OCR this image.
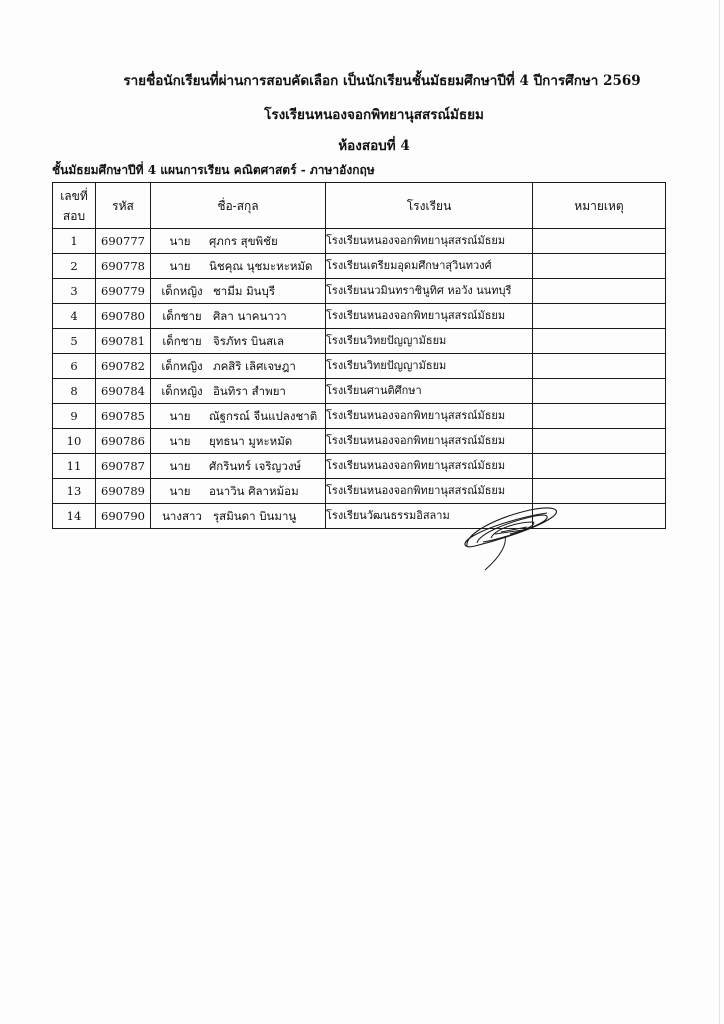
รายชื่อนักเรียนที่ผ่านการสอบคัดเลือก เป็นนักเรียนชั้นมัธยมศึกษาปีที่ 4 ปีการศึกษา 2569
โรงเรียนหนองจอกพิทยานุสสรณ์มัธยม
ห้องสอบที่ 4
ชั้นมัธยมศึกษาปีที่ 4 แผนการเรียน คณิตศาสตร์ - ภาษาอังกฤษ
เลขที่
สอบ	รหัส	ชื่อ-สกุล	โรงเรียน	หมายเหตุ
1	690777	นาย ศุภกร สุขพิชัย	โรงเรียนหนองจอกพิทยานุสสรณ์มัธยม	
2	690778	นาย นิชคุณ นุชมะหะหมัด	โรงเรียนเตรียมอุดมศึกษาสุวินทวงศ์	
3	690779	เด็กหญิง ชามีม มินบุรี	โรงเรียนนวมินทราชินูทิศ หอวัง นนทบุรี	
4	690780	เด็กชาย ศิลา นาคนาวา	โรงเรียนหนองจอกพิทยานุสสรณ์มัธยม	
5	690781	เด็กชาย จิรภัทร บินสเล	โรงเรียนวิทยปัญญามัธยม	
6	690782	เด็กหญิง ภคสิริ เลิศเจษฎา	โรงเรียนวิทยปัญญามัธยม	
8	690784	เด็กหญิง อินทิรา สำพยา	โรงเรียนศานติศึกษา	
9	690785	นาย ณัฐกรณ์ จีนแปลงชาติ	โรงเรียนหนองจอกพิทยานุสสรณ์มัธยม	
10	690786	นาย ยุทธนา มูหะหมัด	โรงเรียนหนองจอกพิทยานุสสรณ์มัธยม	
11	690787	นาย ศักรินทร์ เจริญวงษ์	โรงเรียนหนองจอกพิทยานุสสรณ์มัธยม	
13	690789	นาย อนาวิน ศิลาหม้อม	โรงเรียนหนองจอกพิทยานุสสรณ์มัธยม	
14	690790	นางสาว รุสมินดา บินมานู	โรงเรียนวัฒนธรรมอิสลาม	
